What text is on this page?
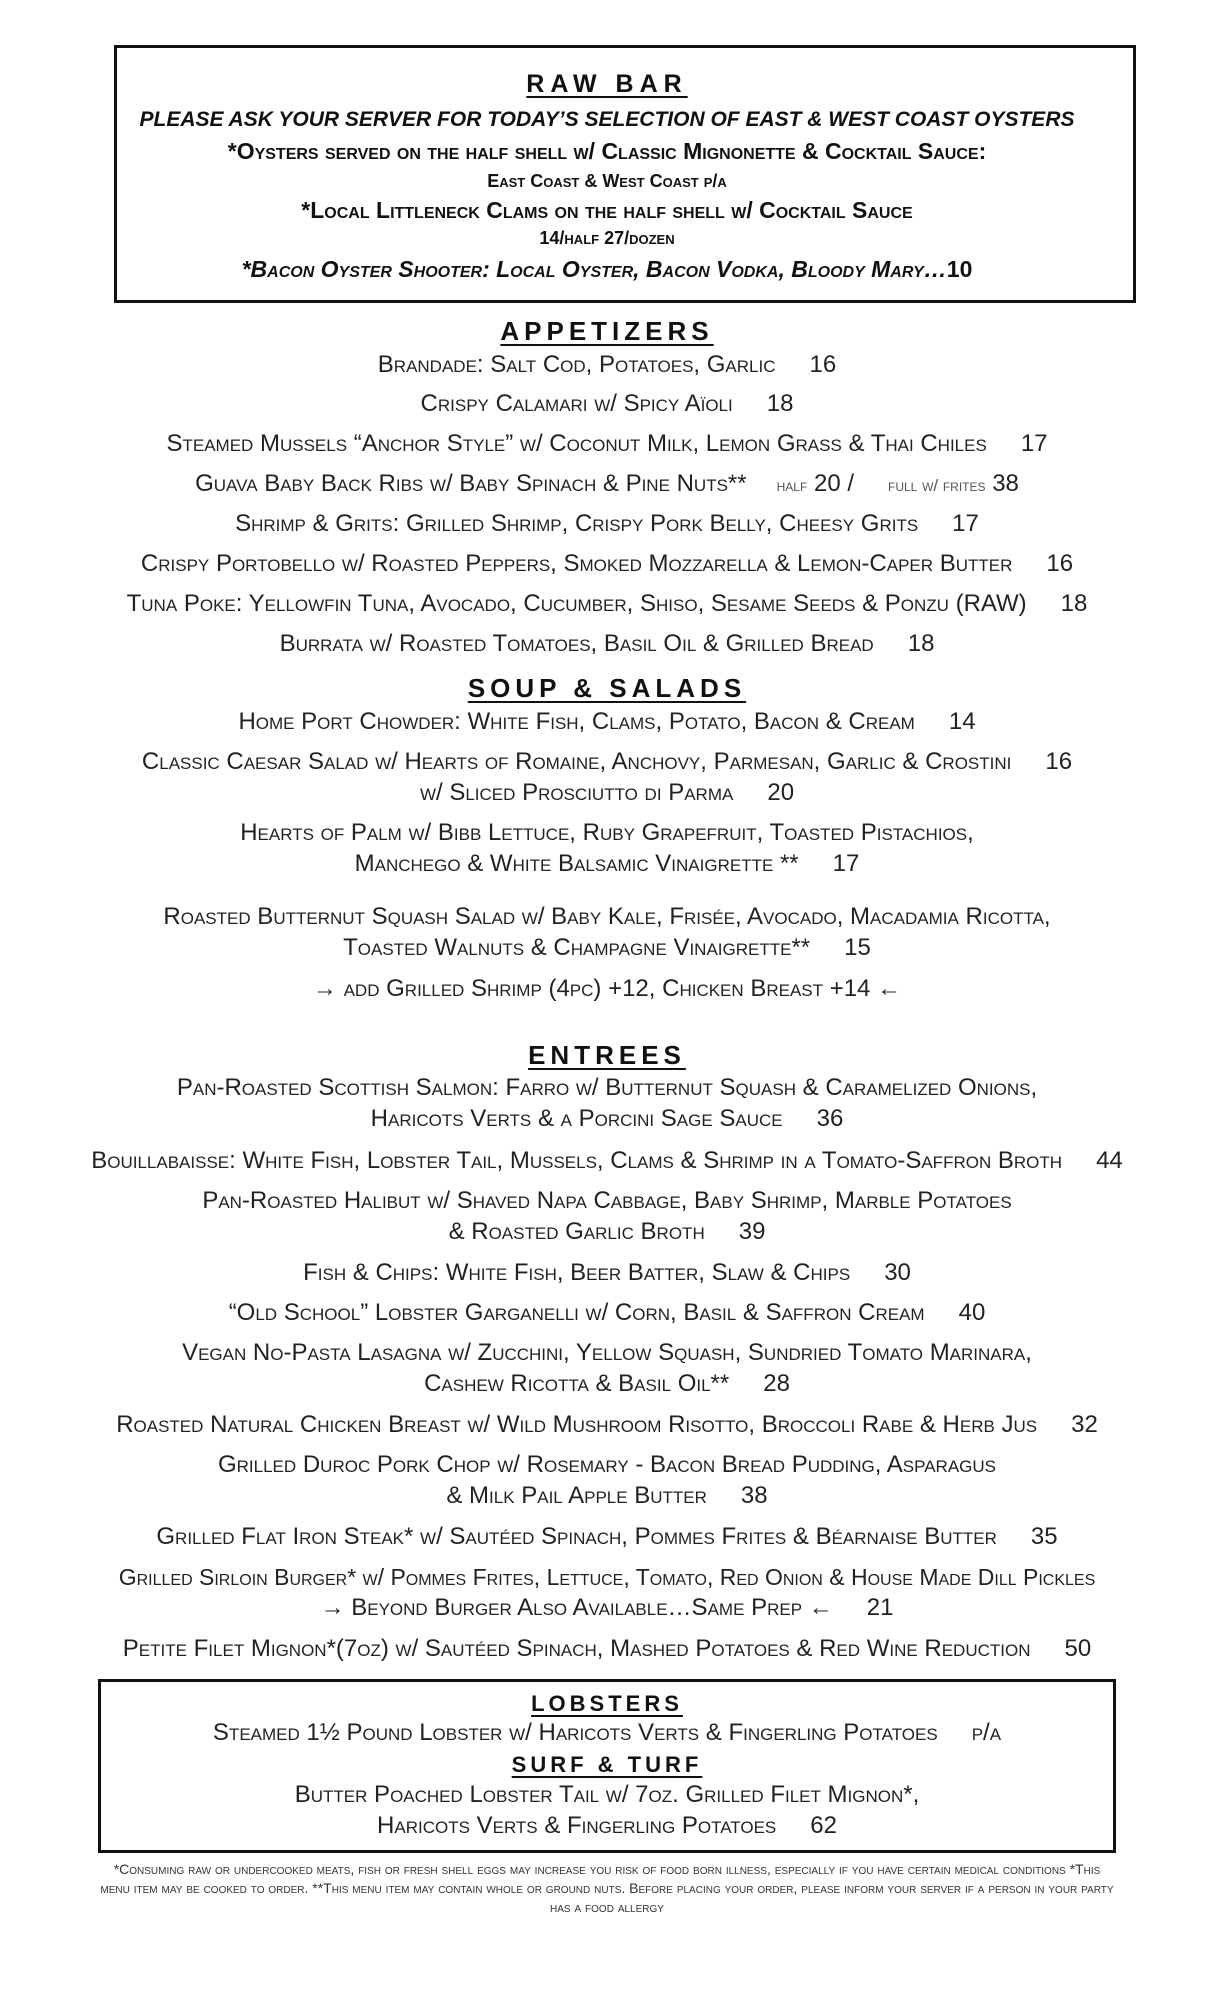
RAW BAR
PLEASE ASK YOUR SERVER FOR TODAY’S SELECTION OF EAST & WEST COAST OYSTERS
*Oysters served on the half shell w/ Classic Mignonette & Cocktail Sauce:
East Coast & West Coast p/a
*Local Littleneck Clams on the half shell w/ Cocktail Sauce
14/half 27/dozen
*Bacon Oyster Shooter: Local Oyster, Bacon Vodka, Bloody Mary…10
APPETIZERS
Brandade: Salt Cod, Potatoes, Garlic 16
Crispy Calamari w/ Spicy Aïoli 18
Steamed Mussels “Anchor Style” w/ Coconut Milk, Lemon Grass & Thai Chiles 17
Guava Baby Back Ribs w/ Baby Spinach & Pine Nuts** half 20 / full w/ frites 38
Shrimp & Grits: Grilled Shrimp, Crispy Pork Belly, Cheesy Grits 17
Crispy Portobello w/ Roasted Peppers, Smoked Mozzarella & Lemon-Caper Butter 16
Tuna Poke: Yellowfin Tuna, Avocado, Cucumber, Shiso, Sesame Seeds & Ponzu (RAW) 18
Burrata w/ Roasted Tomatoes, Basil Oil & Grilled Bread 18
SOUP & SALADS
Home Port Chowder: White Fish, Clams, Potato, Bacon & Cream 14
Classic Caesar Salad w/ Hearts of Romaine, Anchovy, Parmesan, Garlic & Crostini 16
w/ Sliced Prosciutto di Parma 20
Hearts of Palm w/ Bibb Lettuce, Ruby Grapefruit, Toasted Pistachios,
Manchego & White Balsamic Vinaigrette ** 17
Roasted Butternut Squash Salad w/ Baby Kale, Frisée, Avocado, Macadamia Ricotta,
Toasted Walnuts & Champagne Vinaigrette** 15
→ add Grilled Shrimp (4pc) +12, Chicken Breast +14 ←
ENTREES
Pan-Roasted Scottish Salmon: Farro w/ Butternut Squash & Caramelized Onions,
Haricots Verts & a Porcini Sage Sauce 36
Bouillabaisse: White Fish, Lobster Tail, Mussels, Clams & Shrimp in a Tomato-Saffron Broth 44
Pan-Roasted Halibut w/ Shaved Napa Cabbage, Baby Shrimp, Marble Potatoes
& Roasted Garlic Broth 39
Fish & Chips: White Fish, Beer Batter, Slaw & Chips 30
“Old School” Lobster Garganelli w/ Corn, Basil & Saffron Cream 40
Vegan No-Pasta Lasagna w/ Zucchini, Yellow Squash, Sundried Tomato Marinara,
Cashew Ricotta & Basil Oil** 28
Roasted Natural Chicken Breast w/ Wild Mushroom Risotto, Broccoli Rabe & Herb Jus 32
Grilled Duroc Pork Chop w/ Rosemary - Bacon Bread Pudding, Asparagus
& Milk Pail Apple Butter 38
Grilled Flat Iron Steak* w/ Sautéed Spinach, Pommes Frites & Béarnaise Butter 35
Grilled Sirloin Burger* w/ Pommes Frites, Lettuce, Tomato, Red Onion & House Made Dill Pickles
→ Beyond Burger Also Available…Same Prep ← 21
Petite Filet Mignon*(7oz) w/ Sautéed Spinach, Mashed Potatoes & Red Wine Reduction 50
LOBSTERS
Steamed 1½ Pound Lobster w/ Haricots Verts & Fingerling Potatoes p/a
SURF & TURF
Butter Poached Lobster Tail w/ 7oz. Grilled Filet Mignon*,
Haricots Verts & Fingerling Potatoes 62
*Consuming raw or undercooked meats, fish or fresh shell eggs may increase you risk of food born illness, especially if you have certain medical conditions *This menu item may be cooked to order. **This menu item may contain whole or ground nuts. Before placing your order, please inform your server if a person in your party has a food allergy
